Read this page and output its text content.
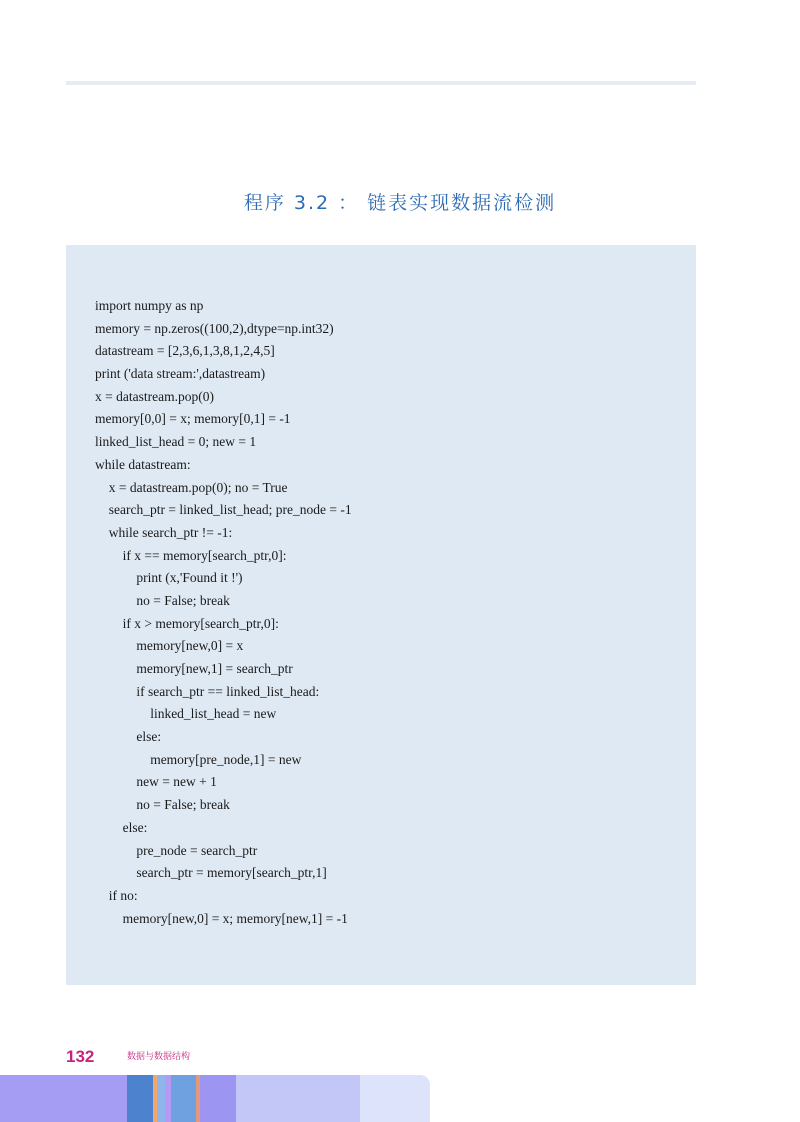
程序 3.2 ： 链表实现数据流检测
import numpy as np
memory = np.zeros((100,2),dtype=np.int32)
datastream = [2,3,6,1,3,8,1,2,4,5]
print ('data stream:',datastream)
x = datastream.pop(0)
memory[0,0] = x; memory[0,1] = -1
linked_list_head = 0; new = 1
while datastream:
x = datastream.pop(0); no = True
search_ptr = linked_list_head; pre_node = -1
while search_ptr != -1:
if x == memory[search_ptr,0]:
print (x,'Found it !')
no = False; break
if x > memory[search_ptr,0]:
memory[new,0] = x
memory[new,1] = search_ptr
if search_ptr == linked_list_head:
linked_list_head = new
else:
memory[pre_node,1] = new
new = new + 1
no = False; break
else:
pre_node = search_ptr
search_ptr = memory[search_ptr,1]
if no:
memory[new,0] = x; memory[new,1] = -1
132	数据与数据结构
